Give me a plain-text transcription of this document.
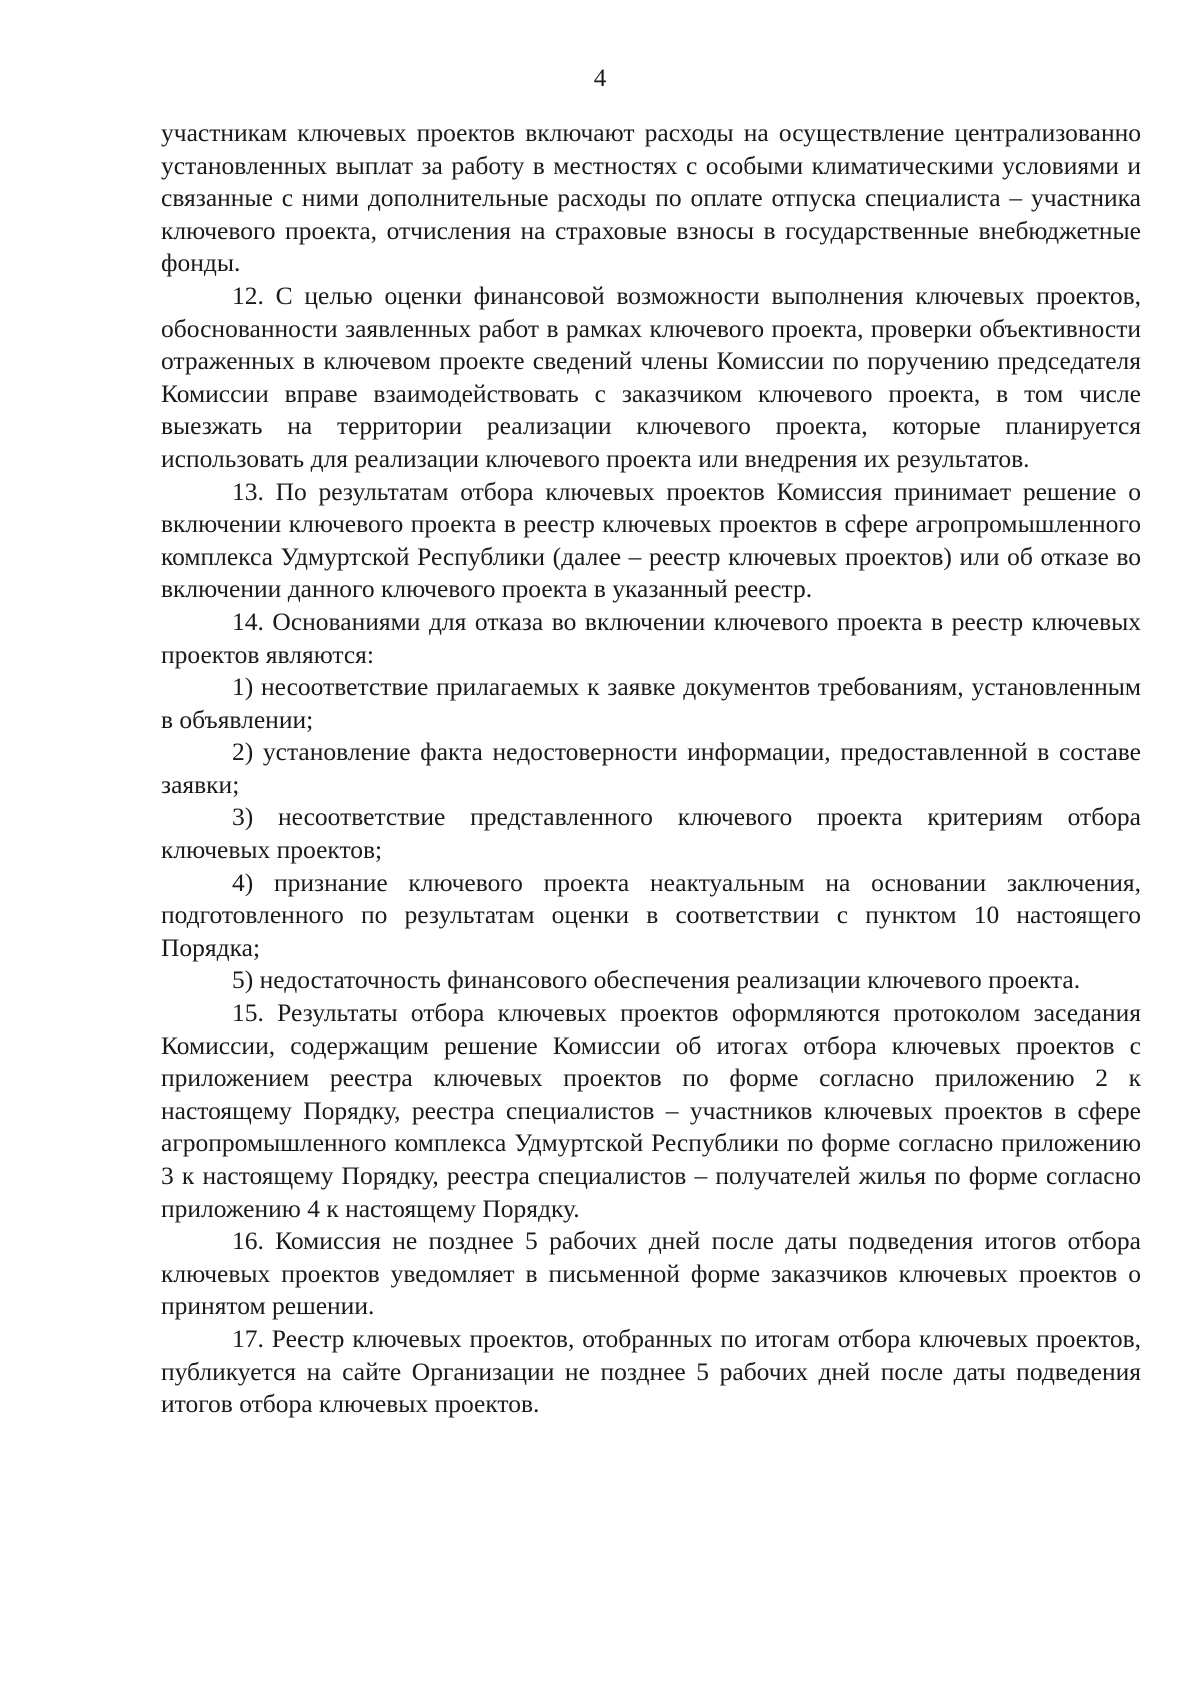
4

участникам ключевых проектов включают расходы на осуществление централизованно установленных выплат за работу в местностях с особыми климатическими условиями и связанные с ними дополнительные расходы по оплате отпуска специалиста – участника ключевого проекта, отчисления на страховые взносы в государственные внебюджетные фонды.

12. С целью оценки финансовой возможности выполнения ключевых проектов, обоснованности заявленных работ в рамках ключевого проекта, проверки объективности отраженных в ключевом проекте сведений члены Комиссии по поручению председателя Комиссии вправе взаимодействовать с заказчиком ключевого проекта, в том числе выезжать на территории реализации ключевого проекта, которые планируется использовать для реализации ключевого проекта или внедрения их результатов.

13. По результатам отбора ключевых проектов Комиссия принимает решение о включении ключевого проекта в реестр ключевых проектов в сфере агропромышленного комплекса Удмуртской Республики (далее – реестр ключевых проектов) или об отказе во включении данного ключевого проекта в указанный реестр.

14. Основаниями для отказа во включении ключевого проекта в реестр ключевых проектов являются:

1) несоответствие прилагаемых к заявке документов требованиям, установленным в объявлении;

2) установление факта недостоверности информации, предоставленной в составе заявки;

3) несоответствие представленного ключевого проекта критериям отбора ключевых проектов;

4) признание ключевого проекта неактуальным на основании заключения, подготовленного по результатам оценки в соответствии с пунктом 10 настоящего Порядка;

5) недостаточность финансового обеспечения реализации ключевого проекта.

15. Результаты отбора ключевых проектов оформляются протоколом заседания Комиссии, содержащим решение Комиссии об итогах отбора ключевых проектов с приложением реестра ключевых проектов по форме согласно приложению 2 к настоящему Порядку, реестра специалистов – участников ключевых проектов в сфере агропромышленного комплекса Удмуртской Республики по форме согласно приложению 3 к настоящему Порядку, реестра специалистов – получателей жилья по форме согласно приложению 4 к настоящему Порядку.

16. Комиссия не позднее 5 рабочих дней после даты подведения итогов отбора ключевых проектов уведомляет в письменной форме заказчиков ключевых проектов о принятом решении.

17. Реестр ключевых проектов, отобранных по итогам отбора ключевых проектов, публикуется на сайте Организации не позднее 5 рабочих дней после даты подведения итогов отбора ключевых проектов.
